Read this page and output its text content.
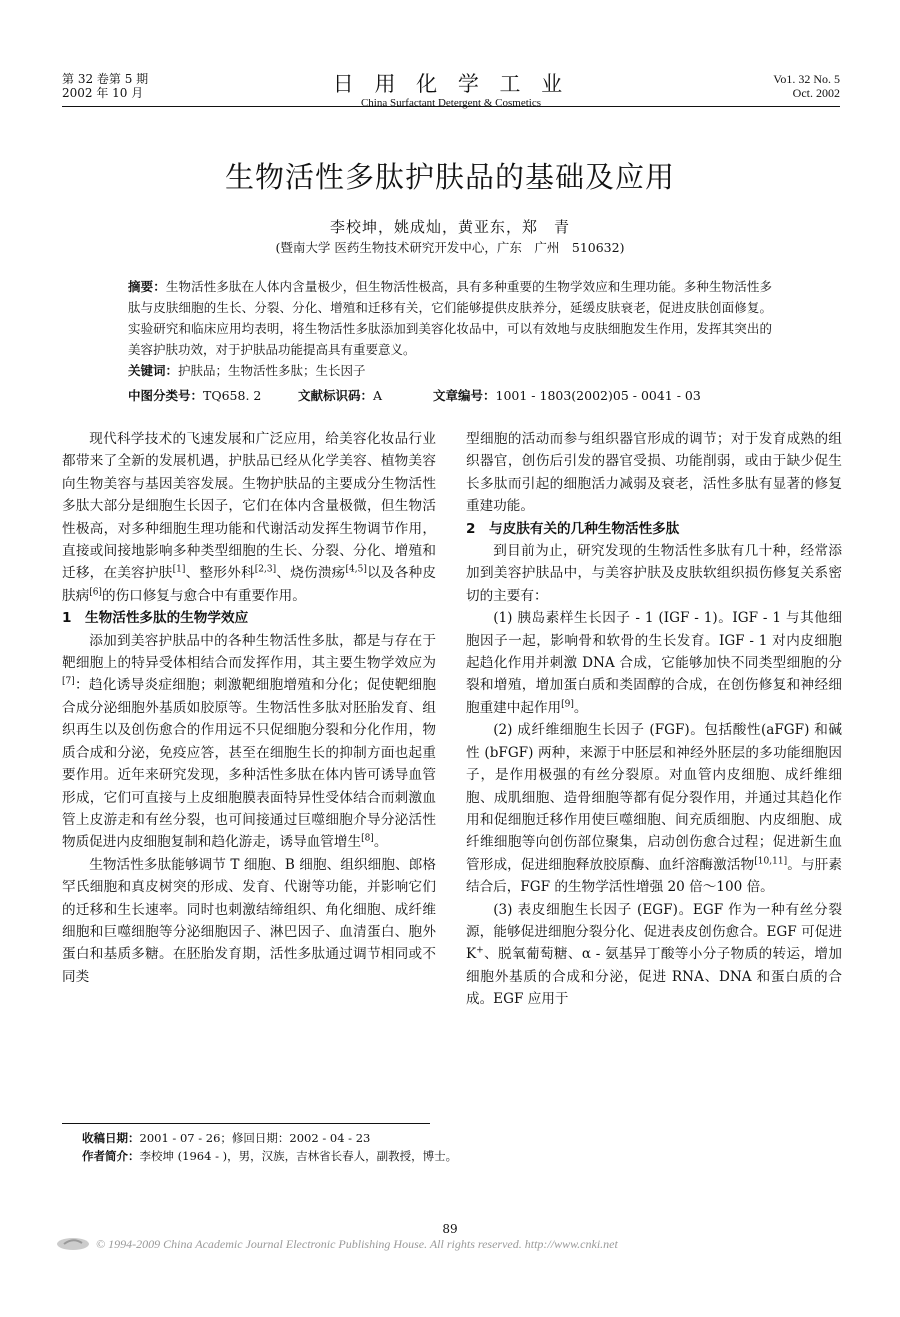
第 32 卷第 5 期
2002 年 10 月	日 用 化 学 工 业
China Surfactant Detergent & Cosmetics
Vo1. 32 No. 5
Oct. 2002
生物活性多肽护肤品的基础及应用
李校坤，姚成灿，黄亚东，郑　青
(暨南大学 医药生物技术研究开发中心，广东　广州　510632)
摘要：生物活性多肽在人体内含量极少，但生物活性极高，具有多种重要的生物学效应和生理功能。多种生物活性多肽与皮肤细胞的生长、分裂、分化、增殖和迁移有关，它们能够提供皮肤养分，延缓皮肤衰老，促进皮肤创面修复。实验研究和临床应用均表明，将生物活性多肽添加到美容化妆品中，可以有效地与皮肤细胞发生作用，发挥其突出的美容护肤功效，对于护肤品功能提高具有重要意义。
关键词：护肤品；生物活性多肽；生长因子
中图分类号：TQ658. 2	文献标识码：A	文章编号：1001 - 1803(2002)05 - 0041 - 03

现代科学技术的飞速发展和广泛应用，给美容化妆品行业都带来了全新的发展机遇，护肤品已经从化学美容、植物美容向生物美容与基因美容发展。生物护肤品的主要成分生物活性多肽大部分是细胞生长因子，它们在体内含量极微，但生物活性极高，对多种细胞生理功能和代谢活动发挥生物调节作用，直接或间接地影响多种类型细胞的生长、分裂、分化、增殖和迁移，在美容护肤[1]、整形外科[2,3]、烧伤溃疡[4,5]以及各种皮肤病[6]的伤口修复与愈合中有重要作用。

1　生物活性多肽的生物学效应

添加到美容护肤品中的各种生物活性多肽，都是与存在于靶细胞上的特异受体相结合而发挥作用，其主要生物学效应为[7]：趋化诱导炎症细胞；刺激靶细胞增殖和分化；促使靶细胞合成分泌细胞外基质如胶原等。生物活性多肽对胚胎发育、组织再生以及创伤愈合的作用远不只促细胞分裂和分化作用，物质合成和分泌，免疫应答，甚至在细胞生长的抑制方面也起重要作用。近年来研究发现，多种活性多肽在体内皆可诱导血管形成，它们可直接与上皮细胞膜表面特异性受体结合而刺激血管上皮游走和有丝分裂，也可间接通过巨噬细胞介导分泌活性物质促进内皮细胞复制和趋化游走，诱导血管增生[8]。

生物活性多肽能够调节 T 细胞、B 细胞、组织细胞、郎格罕氏细胞和真皮树突的形成、发育、代谢等功能，并影响它们的迁移和生长速率。同时也刺激结缔组织、角化细胞、成纤维细胞和巨噬细胞等分泌细胞因子、淋巴因子、血清蛋白、胞外蛋白和基质多糖。在胚胎发育期，活性多肽通过调节相同或不同类

型细胞的活动而参与组织器官形成的调节；对于发育成熟的组织器官，创伤后引发的器官受损、功能削弱，或由于缺少促生长多肽而引起的细胞活力减弱及衰老，活性多肽有显著的修复重建功能。

2　与皮肤有关的几种生物活性多肽

到目前为止，研究发现的生物活性多肽有几十种，经常添加到美容护肤品中，与美容护肤及皮肤软组织损伤修复关系密切的主要有：

(1) 胰岛素样生长因子 - 1 (IGF - 1)。IGF - 1 与其他细胞因子一起，影响骨和软骨的生长发育。IGF - 1 对内皮细胞起趋化作用并刺激 DNA 合成，它能够加快不同类型细胞的分裂和增殖，增加蛋白质和类固醇的合成，在创伤修复和神经细胞重建中起作用[9]。

(2) 成纤维细胞生长因子 (FGF)。包括酸性(aFGF) 和碱性 (bFGF) 两种，来源于中胚层和神经外胚层的多功能细胞因子，是作用极强的有丝分裂原。对血管内皮细胞、成纤维细胞、成肌细胞、造骨细胞等都有促分裂作用，并通过其趋化作用和促细胞迁移作用使巨噬细胞、间充质细胞、内皮细胞、成纤维细胞等向创伤部位聚集，启动创伤愈合过程；促进新生血管形成，促进细胞释放胶原酶、血纤溶酶激活物[10,11]。与肝素结合后，FGF 的生物学活性增强 20 倍～100 倍。

(3) 表皮细胞生长因子 (EGF)。EGF 作为一种有丝分裂源，能够促进细胞分裂分化、促进表皮创伤愈合。EGF 可促进 K+、脱氧葡萄糖、α - 氨基异丁酸等小分子物质的转运，增加细胞外基质的合成和分泌，促进 RNA、DNA 和蛋白质的合成。EGF 应用于

收稿日期：2001 - 07 - 26；修回日期：2002 - 04 - 23
作者简介：李校坤 (1964 - )，男，汉族，吉林省长春人，副教授，博士。
89
© 1994-2009 China Academic Journal Electronic Publishing House. All rights reserved. http://www.cnki.net
